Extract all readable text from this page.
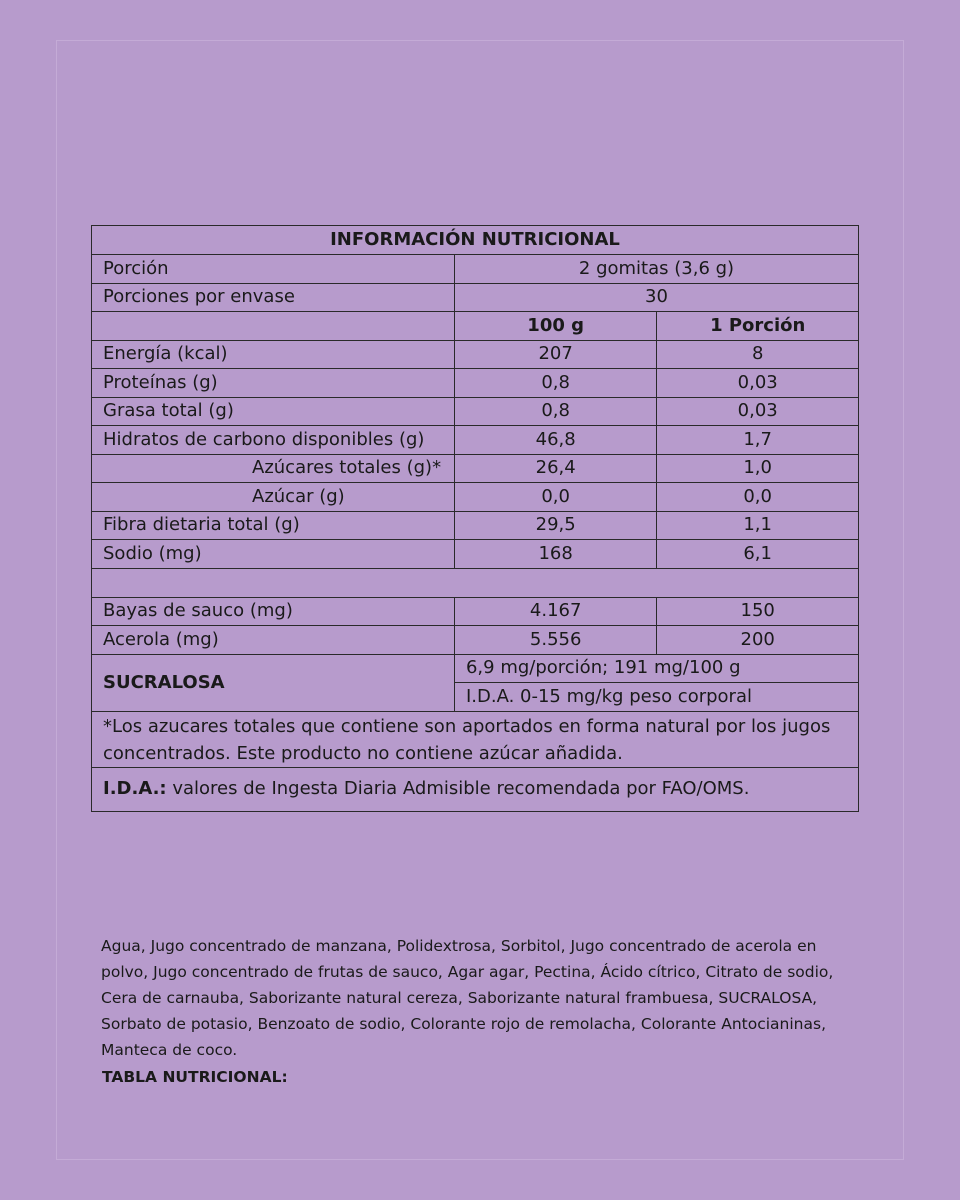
INFORMACIÓN NUTRICIONAL		
Porción	2 gomitas (3,6 g)	
Porciones por envase	30	
	100 g	1 Porción
Energía (kcal)	207	8
Proteínas (g)	0,8	0,03
Grasa total (g)	0,8	0,03
Hidratos de carbono disponibles (g)	46,8	1,7
Azúcares totales (g)*	26,4	1,0
Azúcar (g)	0,0	0,0
Fibra dietaria total (g)	29,5	1,1
Sodio (mg)	168	6,1

Bayas de sauco (mg)	4.167	150
Acerola (mg)	5.556	200
SUCRALOSA	6,9 mg/porción; 191 mg/100 g	
	I.D.A. 0-15 mg/kg peso corporal	
*Los azucares totales que contiene son aportados en forma natural por los jugos concentrados. Este producto no contiene azúcar añadida.		
I.D.A.: valores de Ingesta Diaria Admisible recomendada por FAO/OMS.		
Agua, Jugo concentrado de manzana, Polidextrosa, Sorbitol, Jugo concentrado de acerola en polvo, Jugo concentrado de frutas de sauco, Agar agar, Pectina, Ácido cítrico, Citrato de sodio, Cera de carnauba, Saborizante natural cereza, Saborizante natural frambuesa, SUCRALOSA, Sorbato de potasio, Benzoato de sodio, Colorante rojo de remolacha, Colorante Antocianinas, Manteca de coco.
TABLA NUTRICIONAL:
